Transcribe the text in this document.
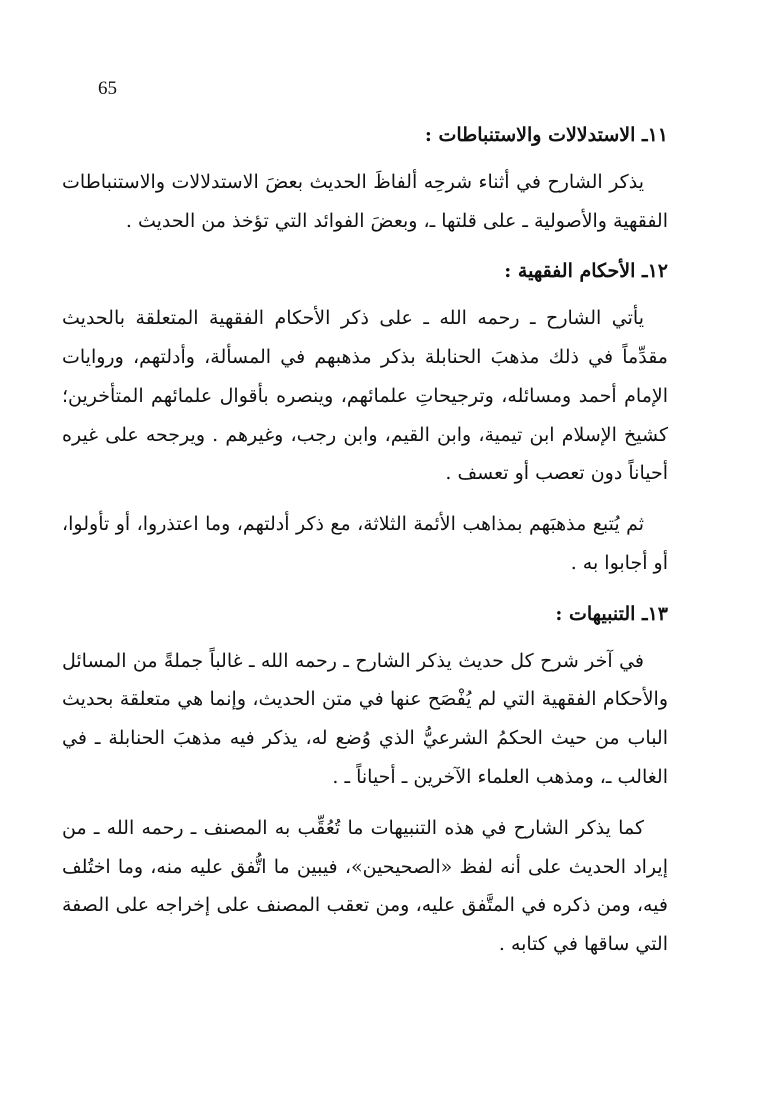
65
١١ـ الاستدلالات والاستنباطات :

يذكر الشارح في أثناء شرحِه ألفاظَ الحديث بعضَ الاستدلالات والاستنباطات الفقهية والأصولية ـ على قلتها ـ، وبعضَ الفوائد التي تؤخذ من الحديث .

١٢ـ الأحكام الفقهية :

يأتي الشارح ـ رحمه الله ـ على ذكر الأحكام الفقهية المتعلقة بالحديث مقدِّماً في ذلك مذهبَ الحنابلة بذكر مذهبهم في المسألة، وأدلتهم، وروايات الإمام أحمد ومسائله، وترجيحاتِ علمائهم، وينصره بأقوال علمائهم المتأخرين؛ كشيخ الإسلام ابن تيمية، وابن القيم، وابن رجب، وغيرهم . ويرجحه على غيره أحياناً دون تعصب أو تعسف .

ثم يُتبع مذهبَهم بمذاهب الأئمة الثلاثة، مع ذكر أدلتهم، وما اعتذروا، أو تأولوا، أو أجابوا به .

١٣ـ التنبيهات :

في آخر شرح كل حديث يذكر الشارح ـ رحمه الله ـ غالباً جملةً من المسائل والأحكام الفقهية التي لم يُفْصَح عنها في متن الحديث، وإنما هي متعلقة بحديث الباب من حيث الحكمُ الشرعيُّ الذي وُضع له، يذكر فيه مذهبَ الحنابلة ـ في الغالب ـ، ومذهب العلماء الآخرين ـ أحياناً ـ .

كما يذكر الشارح في هذه التنبيهات ما تُعُقِّب به المصنف ـ رحمه الله ـ من إيراد الحديث على أنه لفظ «الصحيحين»، فيبين ما اتُّفق عليه منه، وما اختُلف فيه، ومن ذكره في المتَّفق عليه، ومن تعقب المصنف على إخراجه على الصفة التي ساقها في كتابه .
